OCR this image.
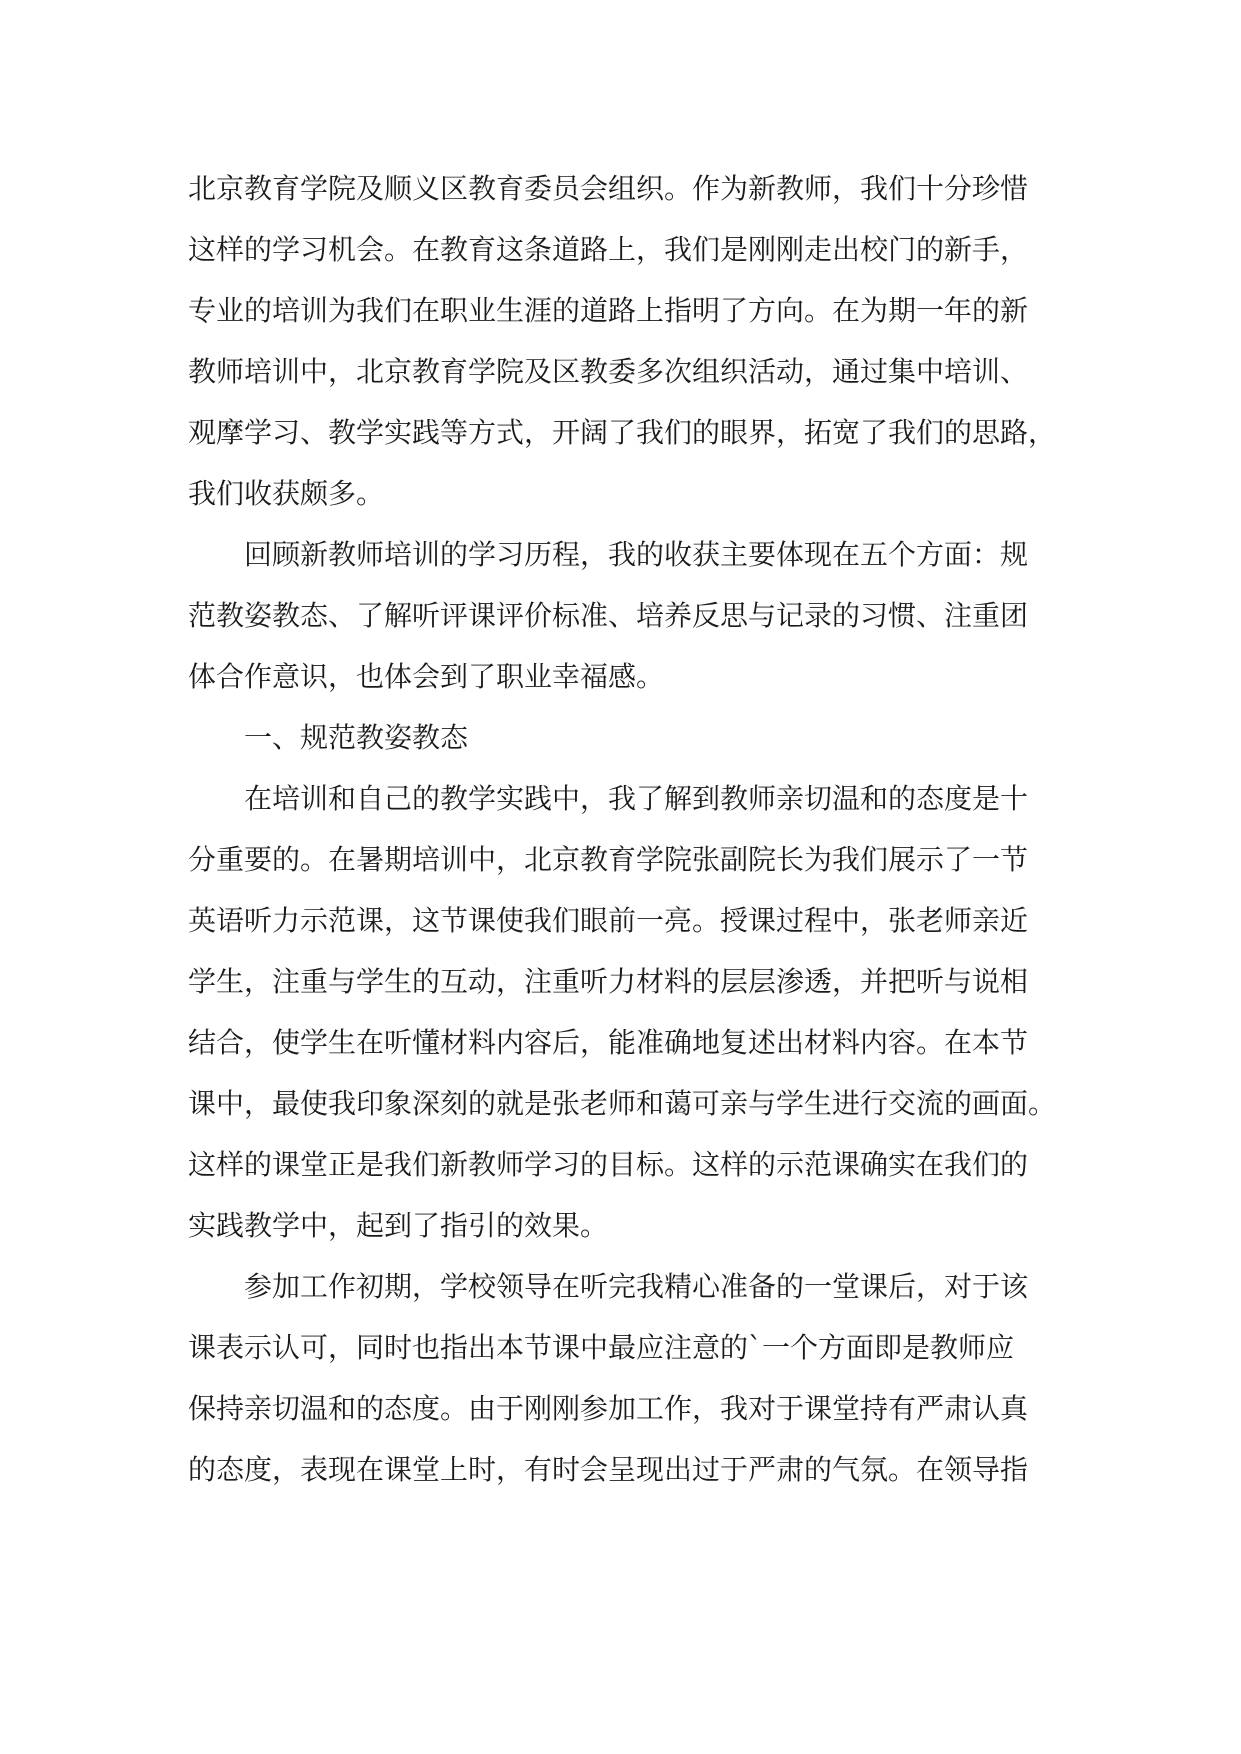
北京教育学院及顺义区教育委员会组织。作为新教师，我们十分珍惜
这样的学习机会。在教育这条道路上，我们是刚刚走出校门的新手，
专业的培训为我们在职业生涯的道路上指明了方向。在为期一年的新
教师培训中，北京教育学院及区教委多次组织活动，通过集中培训、
观摩学习、教学实践等方式，开阔了我们的眼界，拓宽了我们的思路，
我们收获颇多。
回顾新教师培训的学习历程，我的收获主要体现在五个方面：规
范教姿教态、了解听评课评价标准、培养反思与记录的习惯、注重团
体合作意识，也体会到了职业幸福感。
一、规范教姿教态
在培训和自己的教学实践中，我了解到教师亲切温和的态度是十
分重要的。在暑期培训中，北京教育学院张副院长为我们展示了一节
英语听力示范课，这节课使我们眼前一亮。授课过程中，张老师亲近
学生，注重与学生的互动，注重听力材料的层层渗透，并把听与说相
结合，使学生在听懂材料内容后，能准确地复述出材料内容。在本节
课中，最使我印象深刻的就是张老师和蔼可亲与学生进行交流的画面。
这样的课堂正是我们新教师学习的目标。这样的示范课确实在我们的
实践教学中，起到了指引的效果。
参加工作初期，学校领导在听完我精心准备的一堂课后，对于该
课表示认可，同时也指出本节课中最应注意的`一个方面即是教师应
保持亲切温和的态度。由于刚刚参加工作，我对于课堂持有严肃认真
的态度，表现在课堂上时，有时会呈现出过于严肃的气氛。在领导指
